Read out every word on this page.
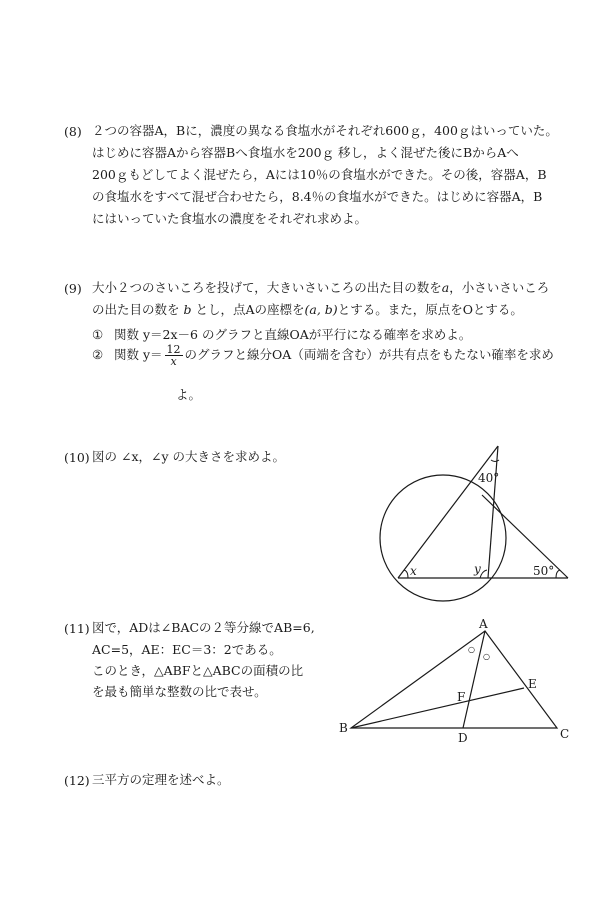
(8) ２つの容器A，Bに，濃度の異なる食塩水がそれぞれ600ｇ，400ｇはいっていた。
はじめに容器Aから容器Bへ食塩水を200ｇ 移し，よく混ぜた後にBからAへ
200ｇもどしてよく混ぜたら，Aには10％の食塩水ができた。その後，容器A，B
の食塩水をすべて混ぜ合わせたら，8.4％の食塩水ができた。はじめに容器A，B
にはいっていた食塩水の濃度をそれぞれ求めよ。
(9) 大小２つのさいころを投げて，大きいさいころの出た目の数をa，小さいさいころ
の出た目の数を b とし，点Aの座標を(a, b)とする。また，原点をOとする。
① 関数 y＝2x－6 のグラフと直線OAが平行になる確率を求めよ。
② 関数 $y= \frac{12}{x}$ のグラフと線分OA（両端を含む）が共有点をもたない確率を求め
よ。
(10) 図の ∠x，∠y の大きさを求めよ。
40°
x	y	50°
(11) 図で，ADは∠BACの２等分線でAB=6,
AC=5，AE：EC＝3：2である。
このとき，△ABFと△ABCの面積の比
を最も簡単な整数の比で表せ。
A
B	C
D
E
F
○
○
(12) 三平方の定理を述べよ。
